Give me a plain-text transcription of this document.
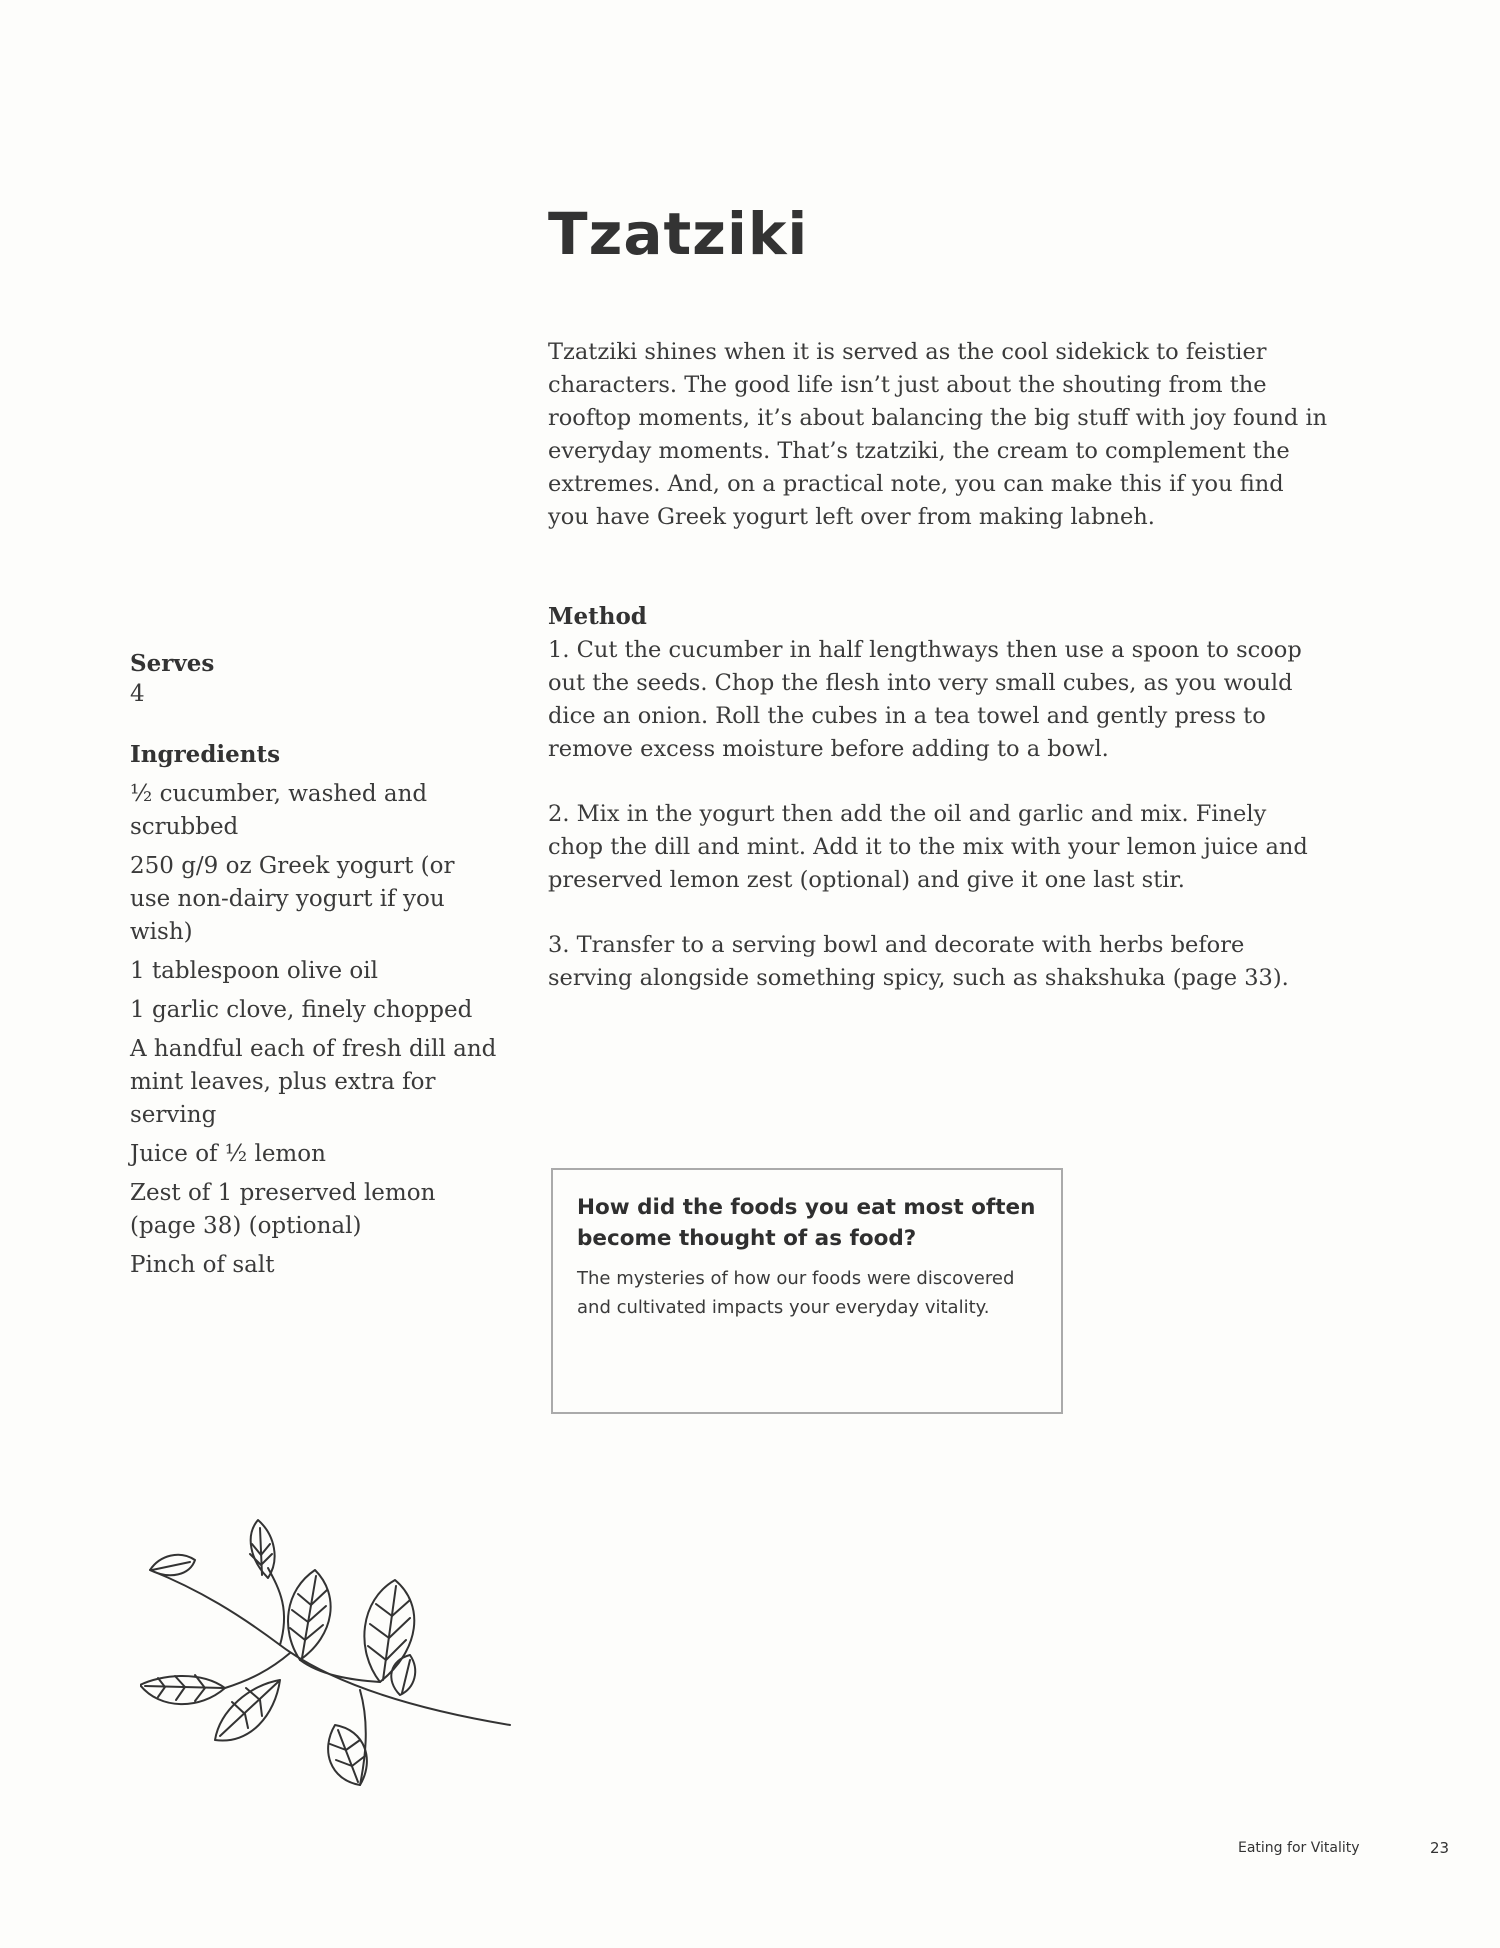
Tzatziki

Tzatziki shines when it is served as the cool sidekick to feistier characters. The good life isn’t just about the shouting from the rooftop moments, it’s about balancing the big stuff with joy found in everyday moments. That’s tzatziki, the cream to complement the extremes. And, on a practical note, you can make this if you find you have Greek yogurt left over from making labneh.

Serves
4
Ingredients
½ cucumber, washed and scrubbed
250 g/9 oz Greek yogurt (or use non-dairy yogurt if you wish)
1 tablespoon olive oil
1 garlic clove, finely chopped
A handful each of fresh dill and mint leaves, plus extra for serving
Juice of ½ lemon
Zest of 1 preserved lemon (page 38) (optional)
Pinch of salt
Method
1. Cut the cucumber in half lengthways then use a spoon to scoop out the seeds. Chop the flesh into very small cubes, as you would dice an onion. Roll the cubes in a tea towel and gently press to remove excess moisture before adding to a bowl.
2. Mix in the yogurt then add the oil and garlic and mix. Finely chop the dill and mint. Add it to the mix with your lemon juice and preserved lemon zest (optional) and give it one last stir.
3. Transfer to a serving bowl and decorate with herbs before serving alongside something spicy, such as shakshuka (page 33).

How did the foods you eat most often become thought of as food?

The mysteries of how our foods were discovered and cultivated impacts your everyday vitality.

Eating for Vitality	23
